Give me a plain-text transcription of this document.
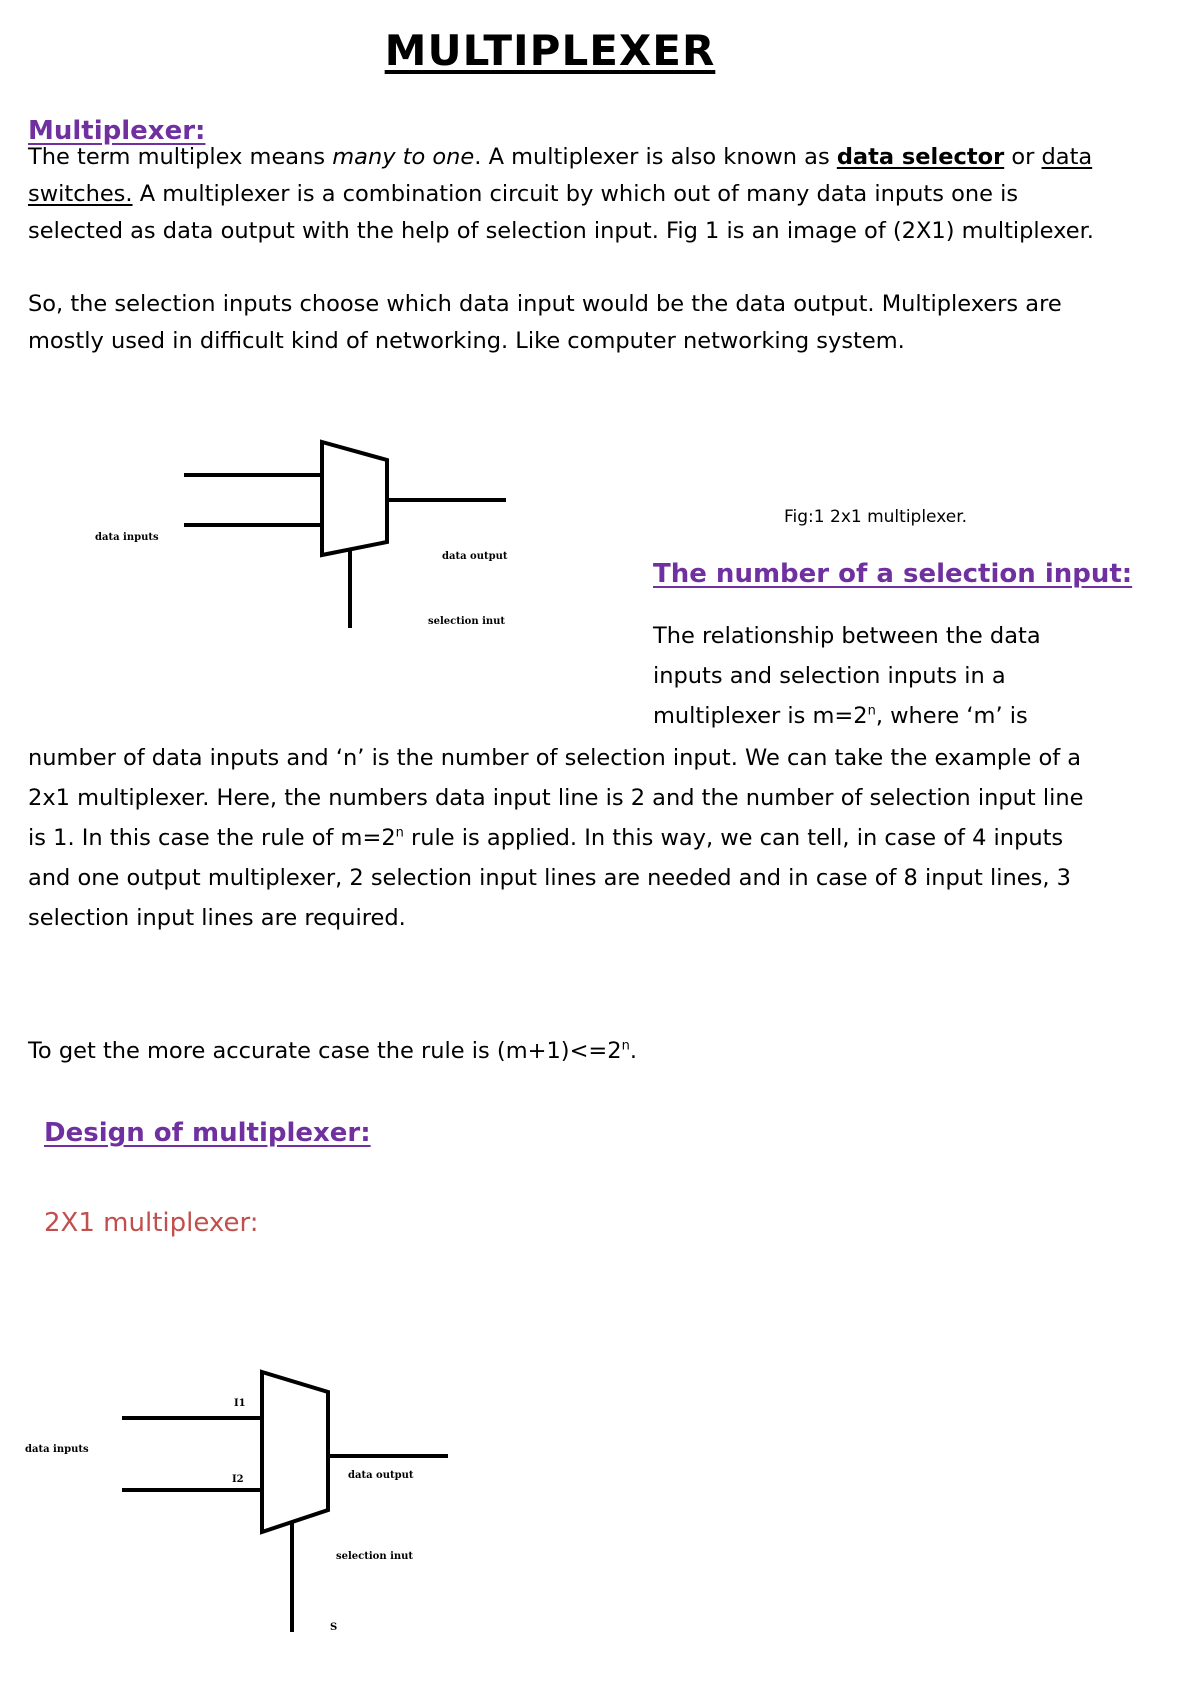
MULTIPLEXER
Multiplexer:
The term multiplex means many to one. A multiplexer is also known as data selector or data switches. A multiplexer is a combination circuit by which out of many data inputs one is selected as data output with the help of selection input. Fig 1 is an image of (2X1) multiplexer.
So, the selection inputs choose which data input would be the data output. Multiplexers are mostly used in difficult kind of networking. Like computer networking system.
data inputs
data output
selection inut
Fig:1 2x1 multiplexer.
The number of a selection input:
The relationship between the data
inputs and selection inputs in a
multiplexer is $m=2^n$, where ‘m’ is
number of data inputs and ‘n’ is the number of selection input. We can take the example of a 2x1 multiplexer. Here, the numbers data input line is 2 and the number of selection input line is 1. In this case the rule of $m=2^n$ rule is applied. In this way, we can tell, in case of 4 inputs and one output multiplexer, 2 selection input lines are needed and in case of 8 input lines, 3 selection input lines are required.
To get the more accurate case the rule is $(m+1)<=2^n$.
Design of multiplexer:
2X1 multiplexer:
data inputs
I1
I2	data output
selection inut
S
